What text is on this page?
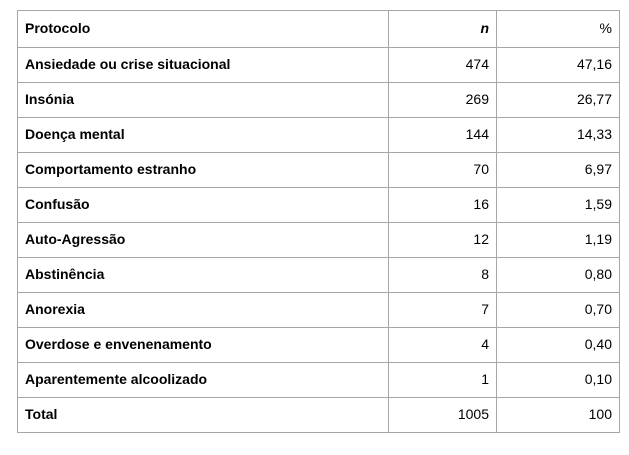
Protocolo	n	%
Ansiedade ou crise situacional	474	47,16
Insónia	269	26,77
Doença mental	144	14,33
Comportamento estranho	70	6,97
Confusão	16	1,59
Auto-Agressão	12	1,19
Abstinência	8	0,80
Anorexia	7	0,70
Overdose e envenenamento	4	0,40
Aparentemente alcoolizado	1	0,10
Total	1005	100
